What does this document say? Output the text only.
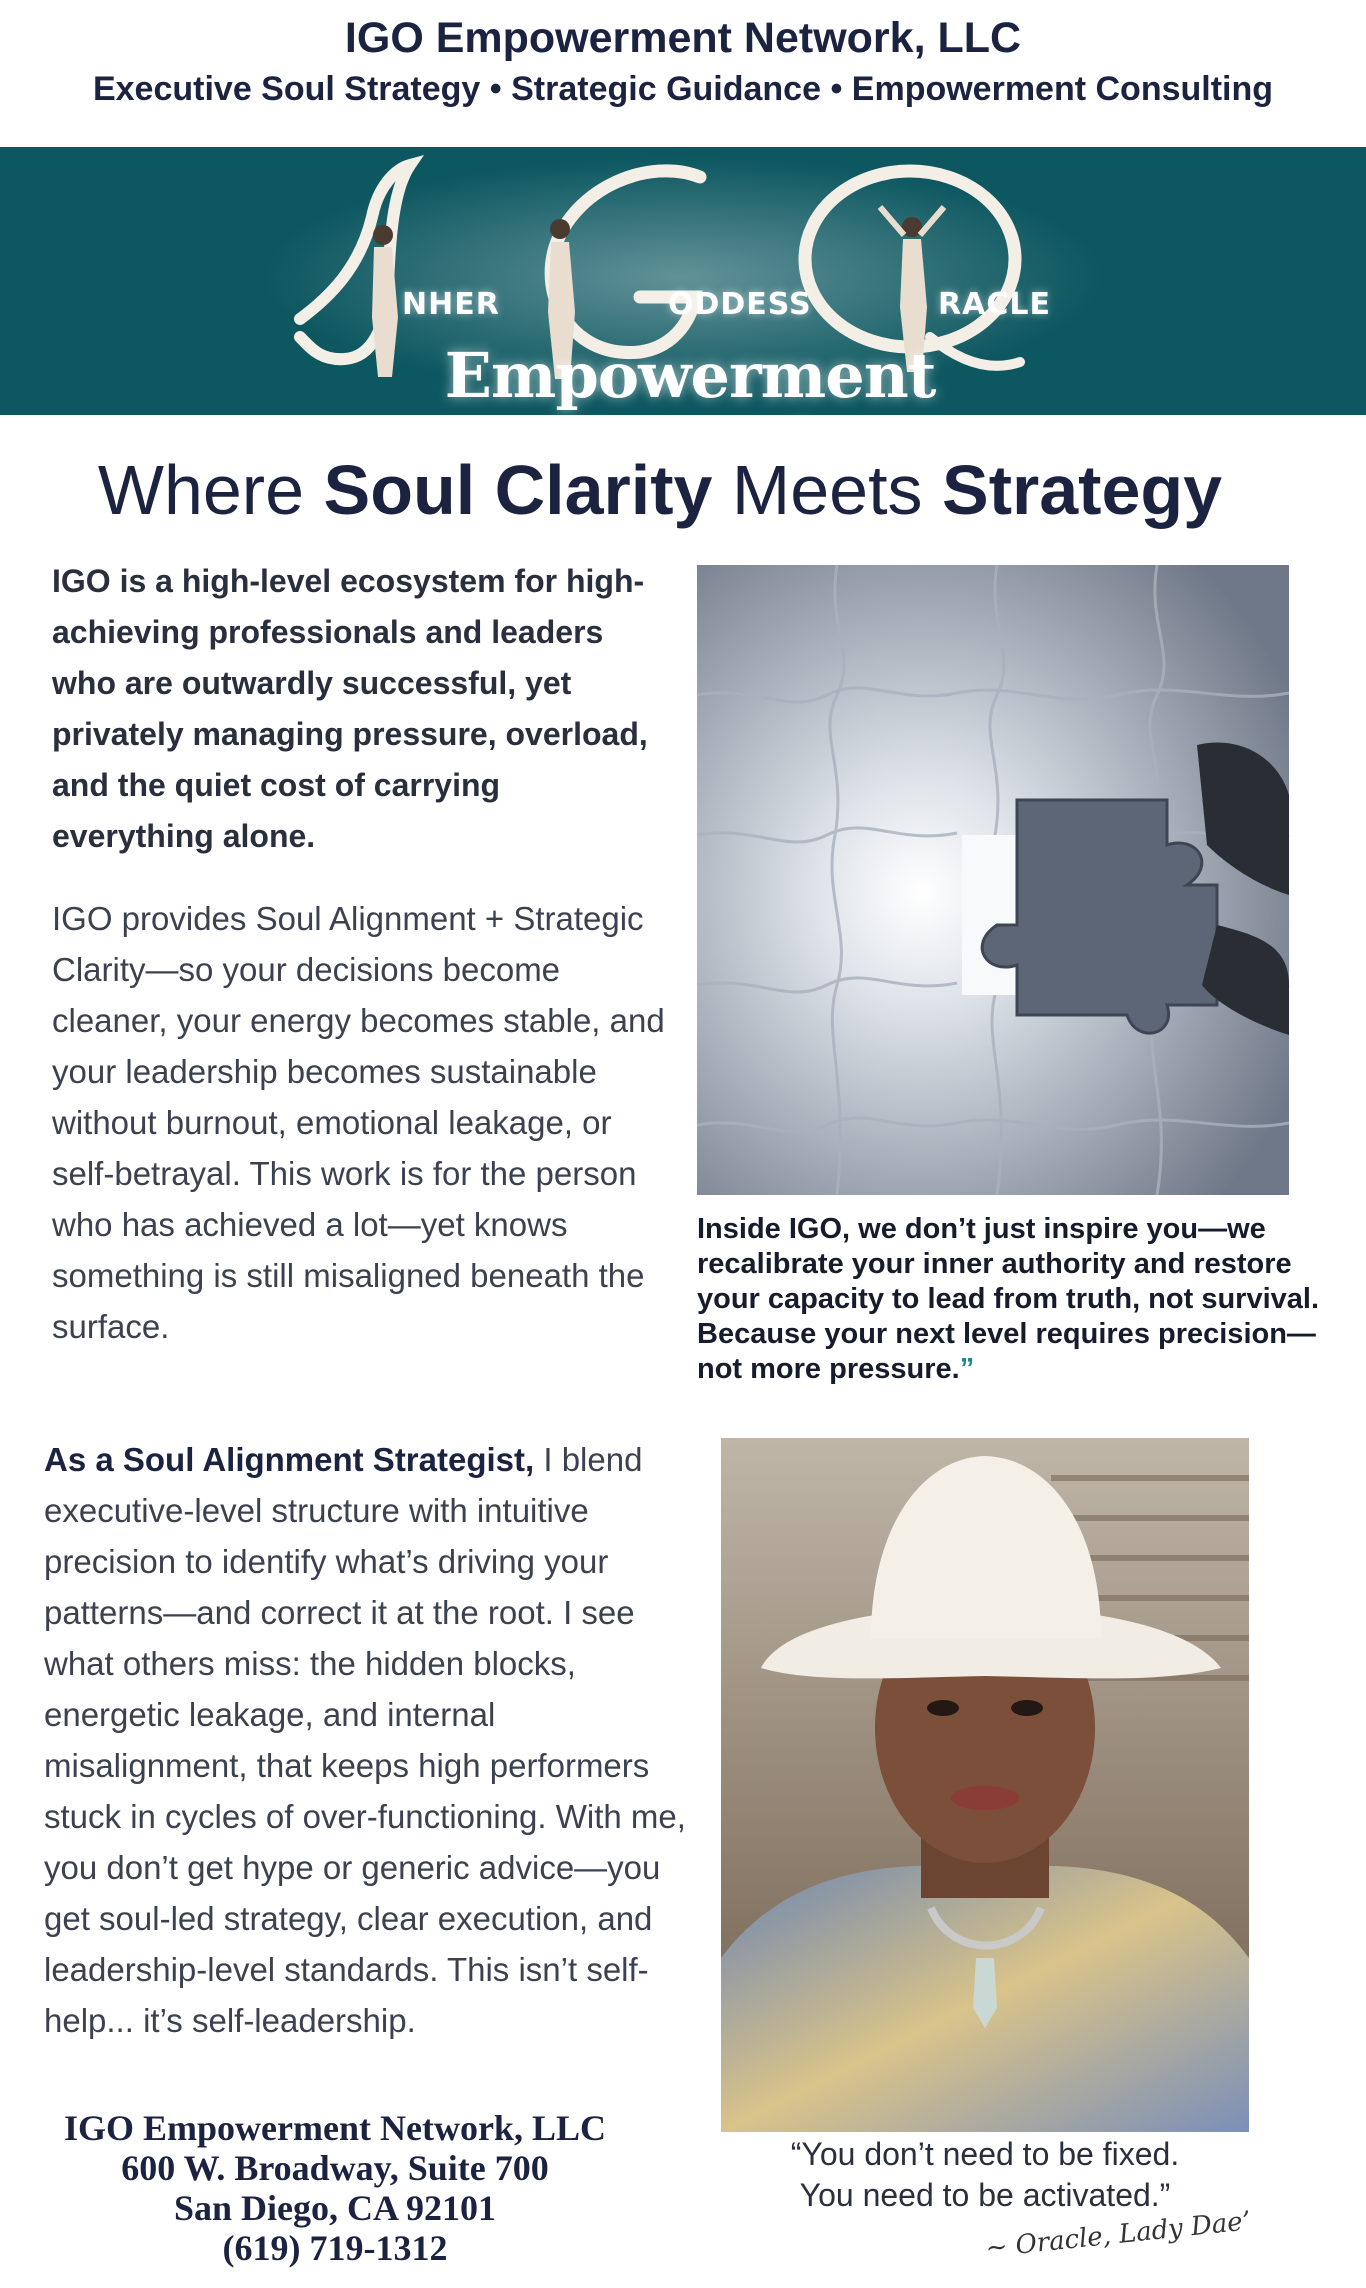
IGO Empowerment Network, LLC
Executive Soul Strategy • Strategic Guidance • Empowerment Consulting
NHER	ODDESS	RACLE
Empowerment Network
Where Soul Clarity Meets Strategy
IGO is a high-level ecosystem for high-achieving professionals and leaders who are outwardly successful, yet privately managing pressure, overload, and the quiet cost of carrying everything alone.
IGO provides Soul Alignment + Strategic Clarity—so your decisions become cleaner, your energy becomes stable, and your leadership becomes sustainable without burnout, emotional leakage, or self-betrayal. This work is for the person who has achieved a lot—yet knows something is still misaligned beneath the surface.
Inside IGO, we don’t just inspire you—we recalibrate your inner authority and restore your capacity to lead from truth, not survival. Because your next level requires precision—not more pressure.”
As a Soul Alignment Strategist, I blend executive-level structure with intuitive precision to identify what’s driving your patterns—and correct it at the root. I see what others miss: the hidden blocks, energetic leakage, and internal misalignment, that keeps high performers stuck in cycles of over-functioning. With me, you don’t get hype or generic advice—you get soul-led strategy, clear execution, and leadership-level standards. This isn’t self-help... it’s self-leadership.
“You don’t need to be fixed.
You need to be activated.”
~ Oracle, Lady Dae’
IGO Empowerment Network, LLC
600 W. Broadway, Suite 700
San Diego, CA 92101
(619) 719-1312
